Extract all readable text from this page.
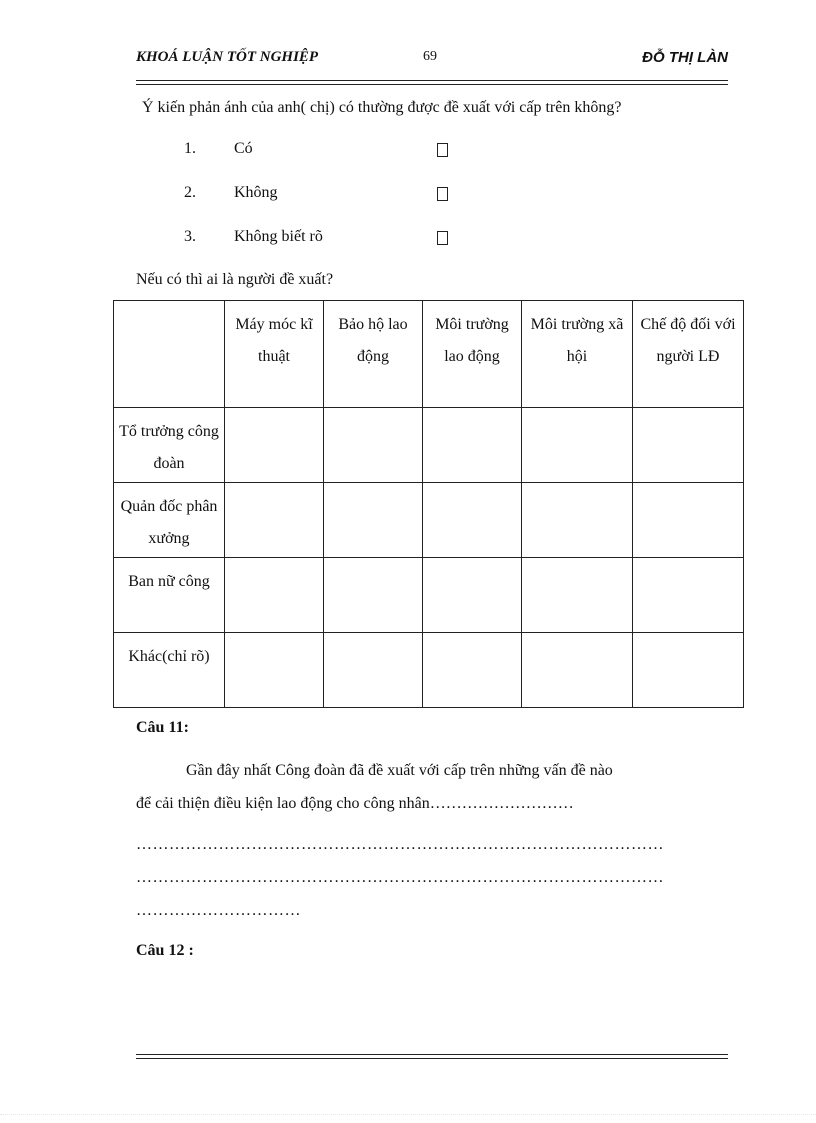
KHOÁ LUẬN TỐT NGHIỆP	69	ĐỖ THỊ LÀN
Ý kiến phản ánh của anh( chị) có thường được đề xuất với cấp trên không?
1. Có
2. Không
3. Không biết rõ
Nếu có thì ai là người đề xuất?
	Máy móc kĩ thuật	Bảo hộ lao động	Môi trường lao động	Môi trường xã hội	Chế độ đối với người LĐ
Tổ trưởng công đoàn					
Quản đốc phân xưởng					
Ban nữ công					
Khác(chỉ rõ)					
Câu 11:
Gần đây nhất Công đoàn đã đề xuất với cấp trên những vấn đề nào
để cải thiện điều kiện lao động cho công nhân………………………
……………………………………………………………………………………
……………………………………………………………………………………
…………………………
Câu 12 :
